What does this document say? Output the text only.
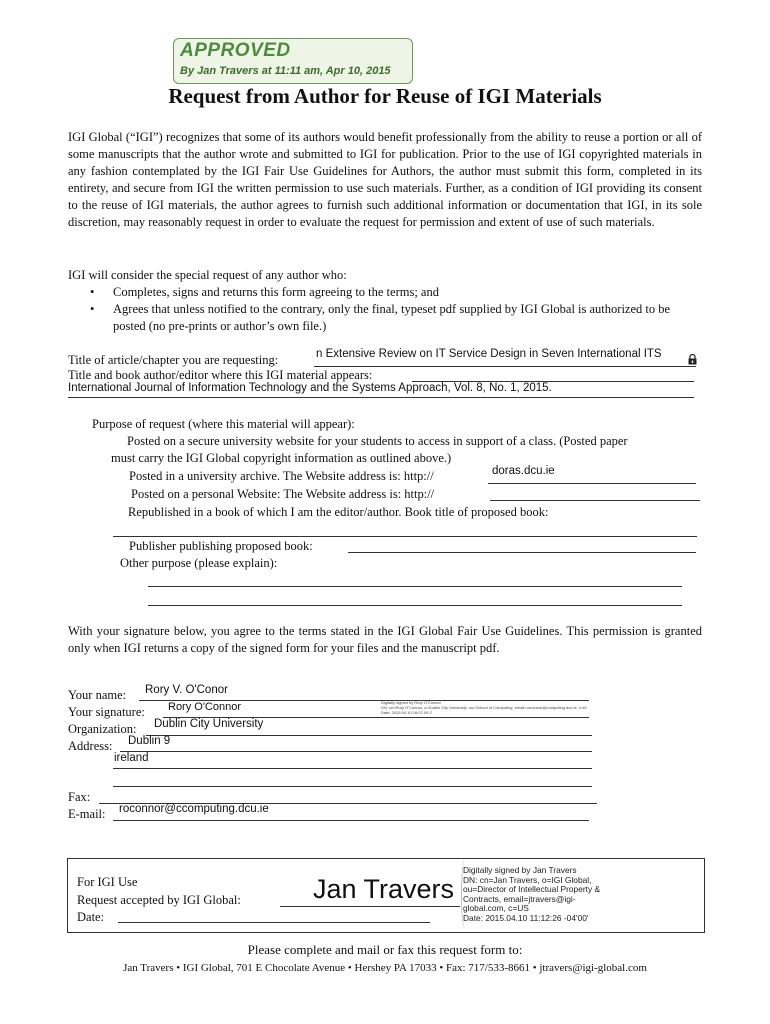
APPROVED
By Jan Travers at 11:11 am, Apr 10, 2015
Request from Author for Reuse of IGI Materials
IGI Global (“IGI”) recognizes that some of its authors would benefit professionally from the ability to reuse a portion or all of some manuscripts that the author wrote and submitted to IGI for publication. Prior to the use of IGI copyrighted materials in any fashion contemplated by the IGI Fair Use Guidelines for Authors, the author must submit this form, completed in its entirety, and secure from IGI the written permission to use such materials. Further, as a condition of IGI providing its consent to the reuse of IGI materials, the author agrees to furnish such additional information or documentation that IGI, in its sole discretion, may reasonably request in order to evaluate the request for permission and extent of use of such materials.
IGI will consider the special request of any author who:
• Completes, signs and returns this form agreeing to the terms; and
• Agrees that unless notified to the contrary, only the final, typeset pdf supplied by IGI Global is authorized to be posted (no pre-prints or author’s own file.)
Title of article/chapter you are requesting:	n Extensive Review on IT Service Design in Seven International ITS
Title and book author/editor where this IGI material appears:
International Journal of Information Technology and the Systems Approach, Vol. 8, No. 1, 2015.
Purpose of request (where this material will appear):
Posted on a secure university website for your students to access in support of a class. (Posted paper
must carry the IGI Global copyright information as outlined above.)
Posted in a university archive. The Website address is: http://	doras.dcu.ie
Posted on a personal Website: The Website address is: http://
Republished in a book of which I am the editor/author. Book title of proposed book:
Publisher publishing proposed book:
Other purpose (please explain):
With your signature below, you agree to the terms stated in the IGI Global Fair Use Guidelines. This permission is granted only when IGI returns a copy of the signed form for your files and the manuscript pdf.
Your name: Rory V. O'Conor
Your signature: Rory O'Connor	Digitally signed by Rory O'Connor
DN: cn=Rory O'Connor, o=Dublin City University, ou=School of Computing, email=roconnor@computing.dcu.ie, c=IE
Date: 2015.04.10 16:07:09 Z
Organization: Dublin City University
Address: Dublin 9
ireland
Fax:
E-mail: roconnor@ccomputing.dcu.ie
For IGI Use
Request accepted by IGI Global:
Date:
Jan Travers
Digitally signed by Jan Travers
DN: cn=Jan Travers, o=IGI Global,
ou=Director of Intellectual Property &
Contracts, email=jtravers@igi-
global.com, c=US
Date: 2015.04.10 11:12:26 -04'00'
Please complete and mail or fax this request form to:
Jan Travers • IGI Global, 701 E Chocolate Avenue • Hershey PA 17033 • Fax: 717/533-8661 • jtravers@igi-global.com
